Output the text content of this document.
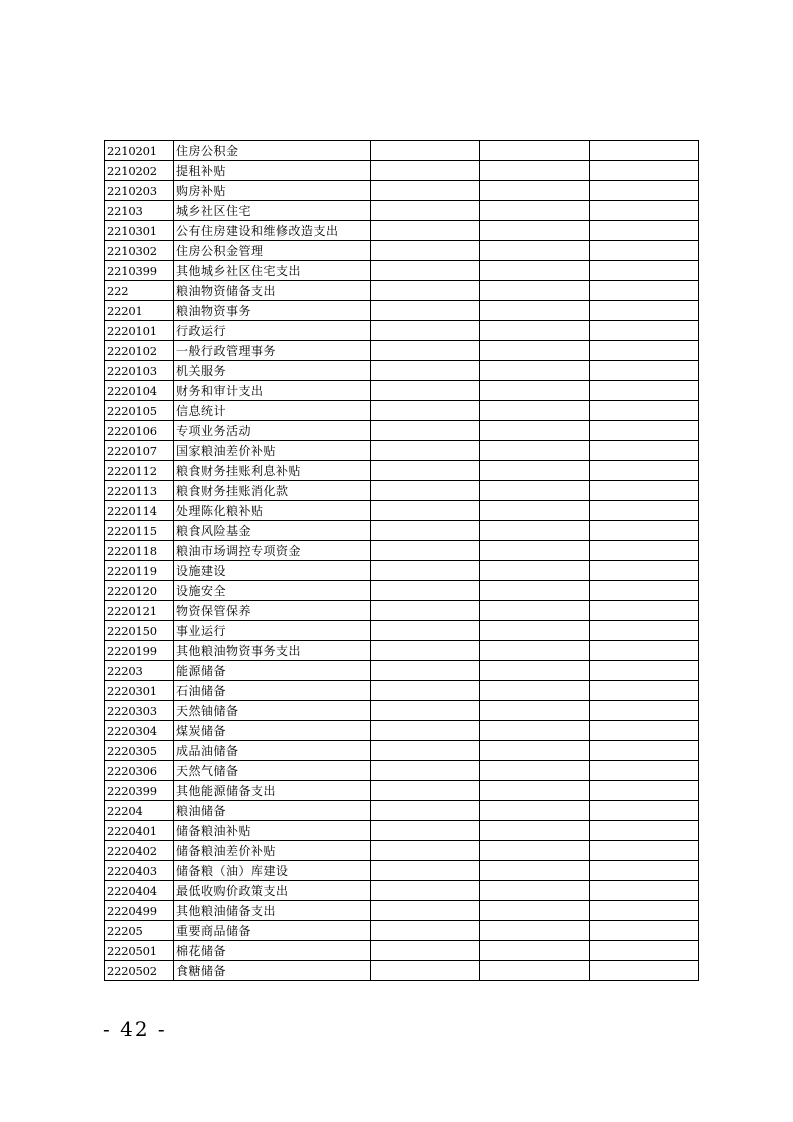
2210201	住房公积金			
2210202	提租补贴			
2210203	购房补贴			
22103	城乡社区住宅			
2210301	公有住房建设和维修改造支出			
2210302	住房公积金管理			
2210399	其他城乡社区住宅支出			
222	粮油物资储备支出			
22201	粮油物资事务			
2220101	行政运行			
2220102	一般行政管理事务			
2220103	机关服务			
2220104	财务和审计支出			
2220105	信息统计			
2220106	专项业务活动			
2220107	国家粮油差价补贴			
2220112	粮食财务挂账利息补贴			
2220113	粮食财务挂账消化款			
2220114	处理陈化粮补贴			
2220115	粮食风险基金			
2220118	粮油市场调控专项资金			
2220119	设施建设			
2220120	设施安全			
2220121	物资保管保养			
2220150	事业运行			
2220199	其他粮油物资事务支出			
22203	能源储备			
2220301	石油储备			
2220303	天然铀储备			
2220304	煤炭储备			
2220305	成品油储备			
2220306	天然气储备			
2220399	其他能源储备支出			
22204	粮油储备			
2220401	储备粮油补贴			
2220402	储备粮油差价补贴			
2220403	储备粮（油）库建设			
2220404	最低收购价政策支出			
2220499	其他粮油储备支出			
22205	重要商品储备			
2220501	棉花储备			
2220502	食糖储备			
- 42 -
